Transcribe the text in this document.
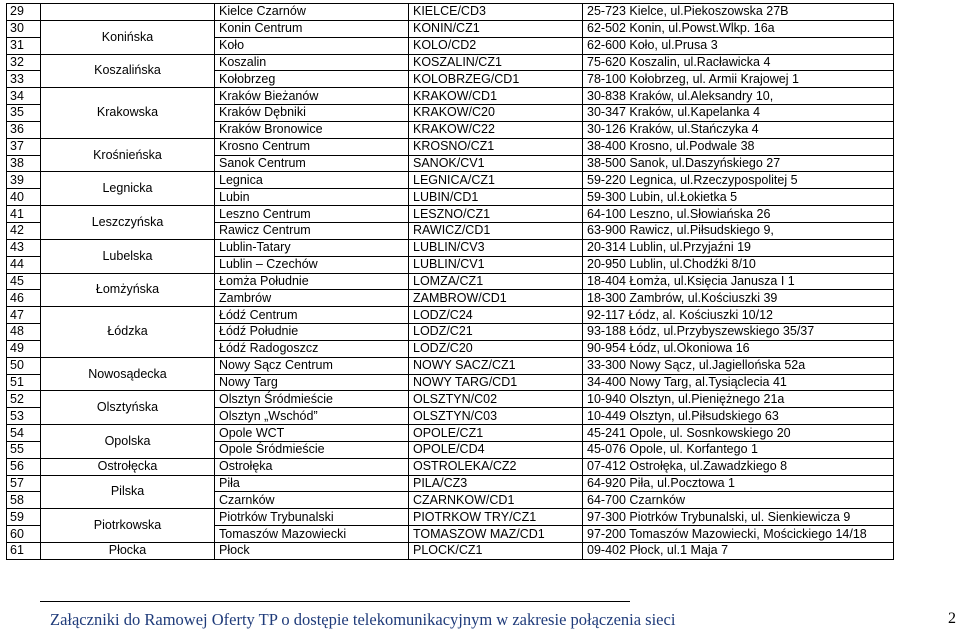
29		Kielce Czarnów	KIELCE/CD3	25-723 Kielce, ul.Piekoszowska 27B
30	Konińska	Konin Centrum	KONIN/CZ1	62-502 Konin, ul.Powst.Wlkp. 16a
31		Koło	KOLO/CD2	62-600 Koło, ul.Prusa 3
32	Koszalińska	Koszalin	KOSZALIN/CZ1	75-620 Koszalin, ul.Racławicka 4
33		Kołobrzeg	KOLOBRZEG/CD1	78-100 Kołobrzeg, ul. Armii Krajowej 1
34	Krakowska	Kraków Bieżanów	KRAKOW/CD1	30-838 Kraków, ul.Aleksandry 10,
35		Kraków Dębniki	KRAKOW/C20	30-347 Kraków, ul.Kapelanka 4
36		Kraków Bronowice	KRAKOW/C22	30-126 Kraków, ul.Stańczyka 4
37	Krośnieńska	Krosno Centrum	KROSNO/CZ1	38-400 Krosno, ul.Podwale 38
38		Sanok Centrum	SANOK/CV1	38-500 Sanok, ul.Daszyńskiego 27
39	Legnicka	Legnica	LEGNICA/CZ1	59-220 Legnica, ul.Rzeczypospolitej 5
40		Lubin	LUBIN/CD1	59-300 Lubin, ul.Łokietka 5
41	Leszczyńska	Leszno Centrum	LESZNO/CZ1	64-100 Leszno, ul.Słowiańska 26
42		Rawicz Centrum	RAWICZ/CD1	63-900 Rawicz, ul.Piłsudskiego 9,
43	Lubelska	Lublin-Tatary	LUBLIN/CV3	20-314 Lublin, ul.Przyjaźni 19
44		Lublin – Czechów	LUBLIN/CV1	20-950 Lublin, ul.Chodźki 8/10
45	Łomżyńska	Łomża Południe	LOMZA/CZ1	18-404 Łomża, ul.Księcia Janusza I 1
46		Zambrów	ZAMBROW/CD1	18-300 Zambrów, ul.Kościuszki 39
47	Łódzka	Łódź Centrum	LODZ/C24	92-117 Łódz, al. Kościuszki 10/12
48		Łódź Południe	LODZ/C21	93-188 Łódz, ul.Przybyszewskiego 35/37
49		Łódź Radogoszcz	LODZ/C20	90-954 Łódz, ul.Okoniowa 16
50	Nowosądecka	Nowy Sącz Centrum	NOWY SACZ/CZ1	33-300 Nowy Sącz, ul.Jagiellońska 52a
51		Nowy Targ	NOWY TARG/CD1	34-400 Nowy Targ, al.Tysiąclecia 41
52	Olsztyńska	Olsztyn Śródmieście	OLSZTYN/C02	10-940 Olsztyn, ul.Pieniężnego 21a
53		Olsztyn „Wschód”	OLSZTYN/C03	10-449 Olsztyn, ul.Piłsudskiego 63
54	Opolska	Opole WCT	OPOLE/CZ1	45-241 Opole, ul. Sosnkowskiego 20
55		Opole Śródmieście	OPOLE/CD4	45-076 Opole, ul. Korfantego 1
56	Ostrołęcka	Ostrołęka	OSTROLEKA/CZ2	07-412 Ostrołęka, ul.Zawadzkiego 8
57	Pilska	Piła	PILA/CZ3	64-920 Piła, ul.Pocztowa 1
58		Czarnków	CZARNKOW/CD1	64-700 Czarnków
59	Piotrkowska	Piotrków Trybunalski	PIOTRKOW TRY/CZ1	97-300 Piotrków Trybunalski, ul. Sienkiewicza 9
60		Tomaszów Mazowiecki	TOMASZOW MAZ/CD1	97-200 Tomaszów Mazowiecki, Mościckiego 14/18
61	Płocka	Płock	PLOCK/CZ1	09-402 Płock, ul.1 Maja 7
Załączniki do Ramowej Oferty TP o dostępie telekomunikacyjnym w zakresie połączenia sieci	2
